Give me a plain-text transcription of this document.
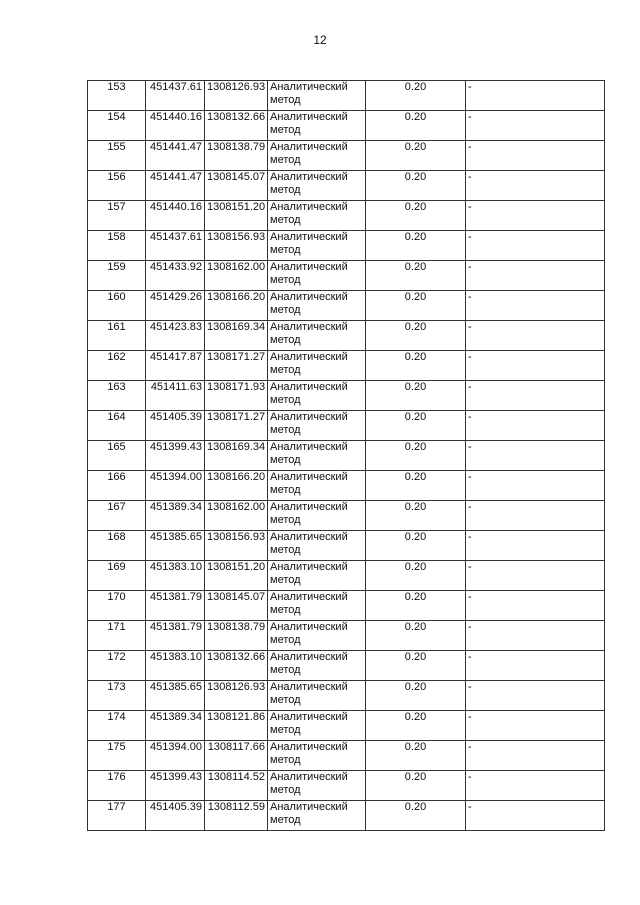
12
153	451437.61	1308126.93	Аналитический метод	0.20	-
154	451440.16	1308132.66	Аналитический метод	0.20	-
155	451441.47	1308138.79	Аналитический метод	0.20	-
156	451441.47	1308145.07	Аналитический метод	0.20	-
157	451440.16	1308151.20	Аналитический метод	0.20	-
158	451437.61	1308156.93	Аналитический метод	0.20	-
159	451433.92	1308162.00	Аналитический метод	0.20	-
160	451429.26	1308166.20	Аналитический метод	0.20	-
161	451423.83	1308169.34	Аналитический метод	0.20	-
162	451417.87	1308171.27	Аналитический метод	0.20	-
163	451411.63	1308171.93	Аналитический метод	0.20	-
164	451405.39	1308171.27	Аналитический метод	0.20	-
165	451399.43	1308169.34	Аналитический метод	0.20	-
166	451394.00	1308166.20	Аналитический метод	0.20	-
167	451389.34	1308162.00	Аналитический метод	0.20	-
168	451385.65	1308156.93	Аналитический метод	0.20	-
169	451383.10	1308151.20	Аналитический метод	0.20	-
170	451381.79	1308145.07	Аналитический метод	0.20	-
171	451381.79	1308138.79	Аналитический метод	0.20	-
172	451383.10	1308132.66	Аналитический метод	0.20	-
173	451385.65	1308126.93	Аналитический метод	0.20	-
174	451389.34	1308121.86	Аналитический метод	0.20	-
175	451394.00	1308117.66	Аналитический метод	0.20	-
176	451399.43	1308114.52	Аналитический метод	0.20	-
177	451405.39	1308112.59	Аналитический метод	0.20	-
